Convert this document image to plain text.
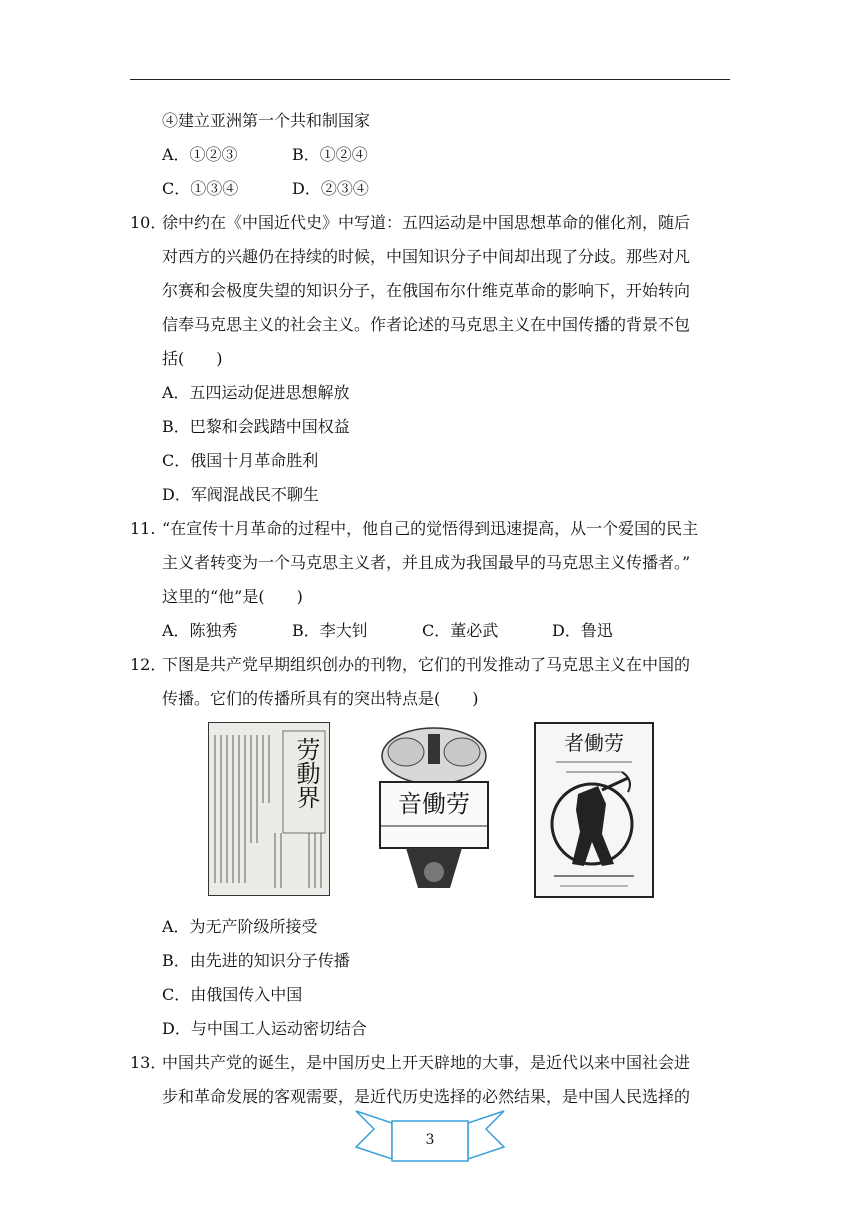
④建立亚洲第一个共和制国家
A．①②③	B．①②④
C．①③④	D．②③④
10．徐中约在《中国近代史》中写道：五四运动是中国思想革命的催化剂，随后
对西方的兴趣仍在持续的时候，中国知识分子中间却出现了分歧。那些对凡
尔赛和会极度失望的知识分子，在俄国布尔什维克革命的影响下，开始转向
信奉马克思主义的社会主义。作者论述的马克思主义在中国传播的背景不包
括(　　)
A．五四运动促进思想解放
B．巴黎和会践踏中国权益
C．俄国十月革命胜利
D．军阀混战民不聊生
11. “在宣传十月革命的过程中，他自己的觉悟得到迅速提高，从一个爱国的民主
主义者转变为一个马克思主义者，并且成为我国最早的马克思主义传播者。”
这里的“他”是(　　)
A．陈独秀	B．李大钊	C．董必武	D．鲁迅
12．下图是共产党早期组织创办的刊物，它们的刊发推动了马克思主义在中国的
传播。它们的传播所具有的突出特点是(　　)
劳動界	劳働音
劳働者
A．为无产阶级所接受
B．由先进的知识分子传播
C．由俄国传入中国
D．与中国工人运动密切结合
13．中国共产党的诞生，是中国历史上开天辟地的大事，是近代以来中国社会进
步和革命发展的客观需要，是近代历史选择的必然结果，是中国人民选择的
3
